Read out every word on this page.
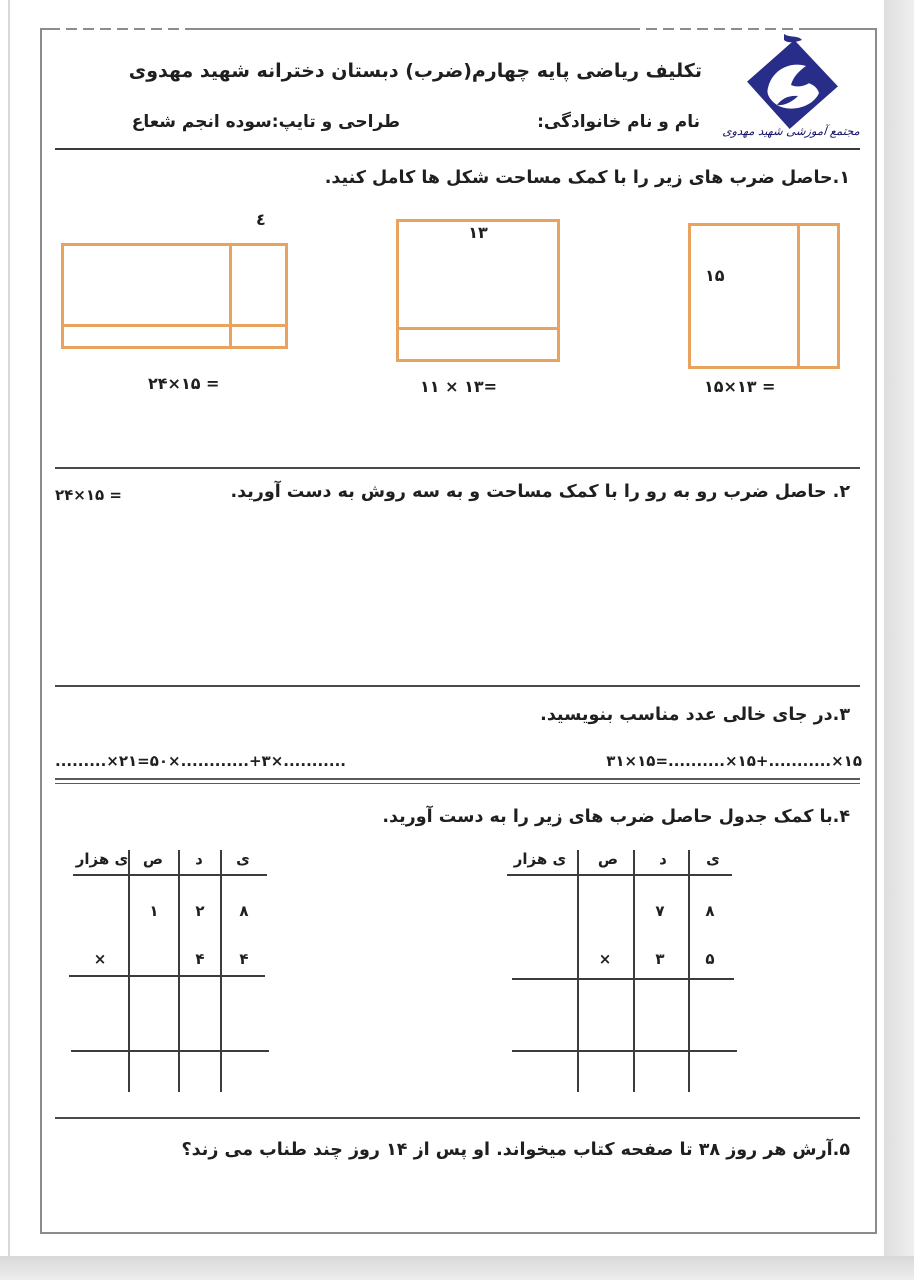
تکلیف ریاضی پایه چهارم(ضرب) دبستان دخترانه شهید مهدوی
نام و نام خانوادگی:
طراحی و تایپ:سوده انجم شعاع	مجتمع آموزشی شهید مهدوی
۱.حاصل ضرب های زیر را با کمک مساحت شکل ها کامل کنید.
۱۵
۱۵×۱۳ =
۱۳
۱۱ × ۱۳=
٤
۲۴×۱۵ =
۲. حاصل ضرب رو به رو را با کمک مساحت و به سه روش به دست آورید.
۲۴×۱۵ =
۳.در جای خالی عدد مناسب بنویسید.
۳۱×۱۵=..........×۱۵+...........×۱۵
.........×۲۱=۵۰×............+۳×...........
۴.با کمک جدول حاصل ضرب های زیر را به دست آورید.
ی
د
ص
ی هزار
۸
۷
۵
۳
×
ی
د
ص
ی هزار
۸
۲
۱
۴
۴
×
۵.آرش هر روز ۳۸ تا صفحه کتاب میخواند. او پس از ۱۴ روز چند طناب می زند؟
